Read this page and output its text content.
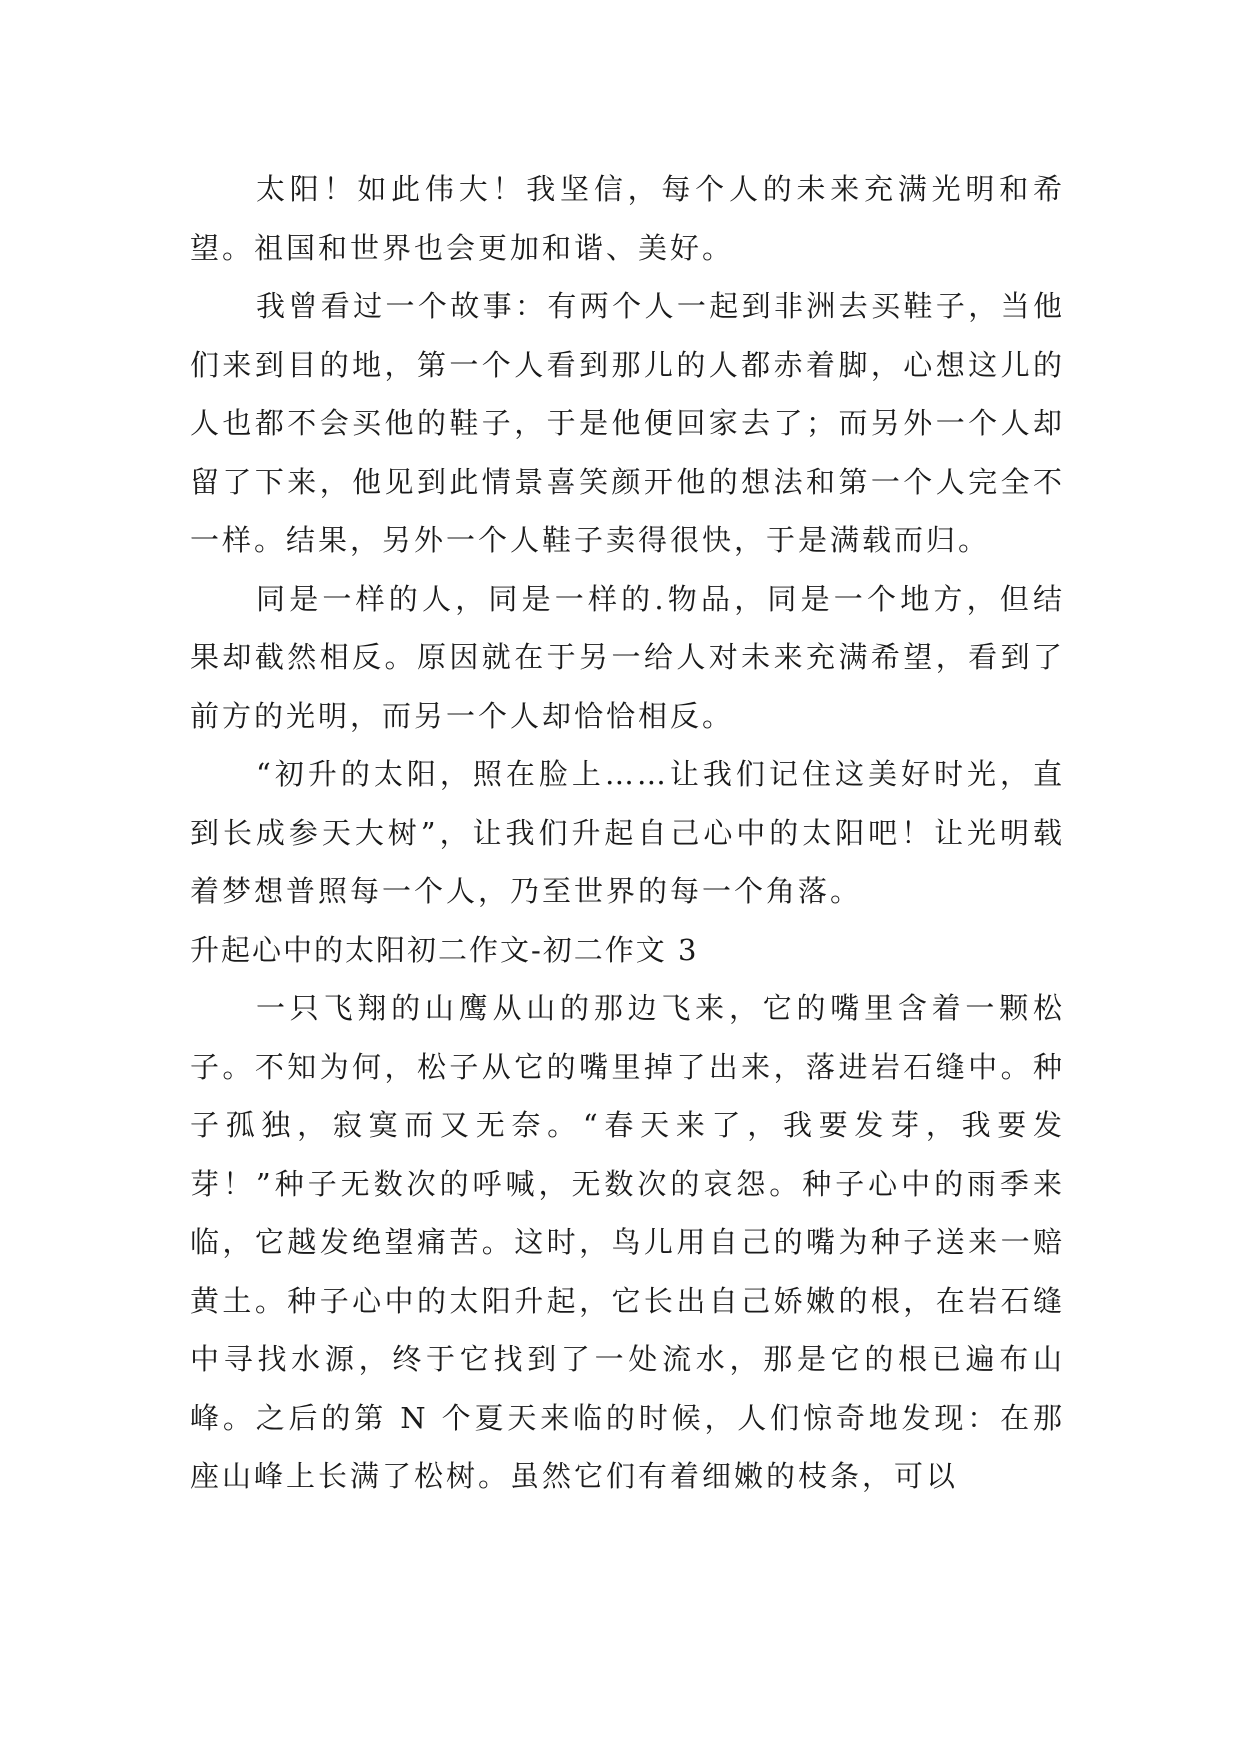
太阳！如此伟大！我坚信，每个人的未来充满光明和希望。祖国和世界也会更加和谐、美好。

我曾看过一个故事：有两个人一起到非洲去买鞋子，当他们来到目的地，第一个人看到那儿的人都赤着脚，心想这儿的人也都不会买他的鞋子，于是他便回家去了；而另外一个人却留了下来，他见到此情景喜笑颜开他的想法和第一个人完全不一样。结果，另外一个人鞋子卖得很快，于是满载而归。

同是一样的人，同是一样的.物品，同是一个地方，但结果却截然相反。原因就在于另一给人对未来充满希望，看到了前方的光明，而另一个人却恰恰相反。

“初升的太阳，照在脸上……让我们记住这美好时光，直到长成参天大树”，让我们升起自己心中的太阳吧！让光明载着梦想普照每一个人，乃至世界的每一个角落。

升起心中的太阳初二作文-初二作文 3

一只飞翔的山鹰从山的那边飞来，它的嘴里含着一颗松子。不知为何，松子从它的嘴里掉了出来，落进岩石缝中。种子孤独，寂寞而又无奈。“春天来了，我要发芽，我要发芽！”种子无数次的呼喊，无数次的哀怨。种子心中的雨季来临，它越发绝望痛苦。这时，鸟儿用自己的嘴为种子送来一赔黄土。种子心中的太阳升起，它长出自己娇嫩的根，在岩石缝中寻找水源，终于它找到了一处流水，那是它的根已遍布山峰。之后的第 N 个夏天来临的时候，人们惊奇地发现：在那座山峰上长满了松树。虽然它们有着细嫩的枝条，可以
